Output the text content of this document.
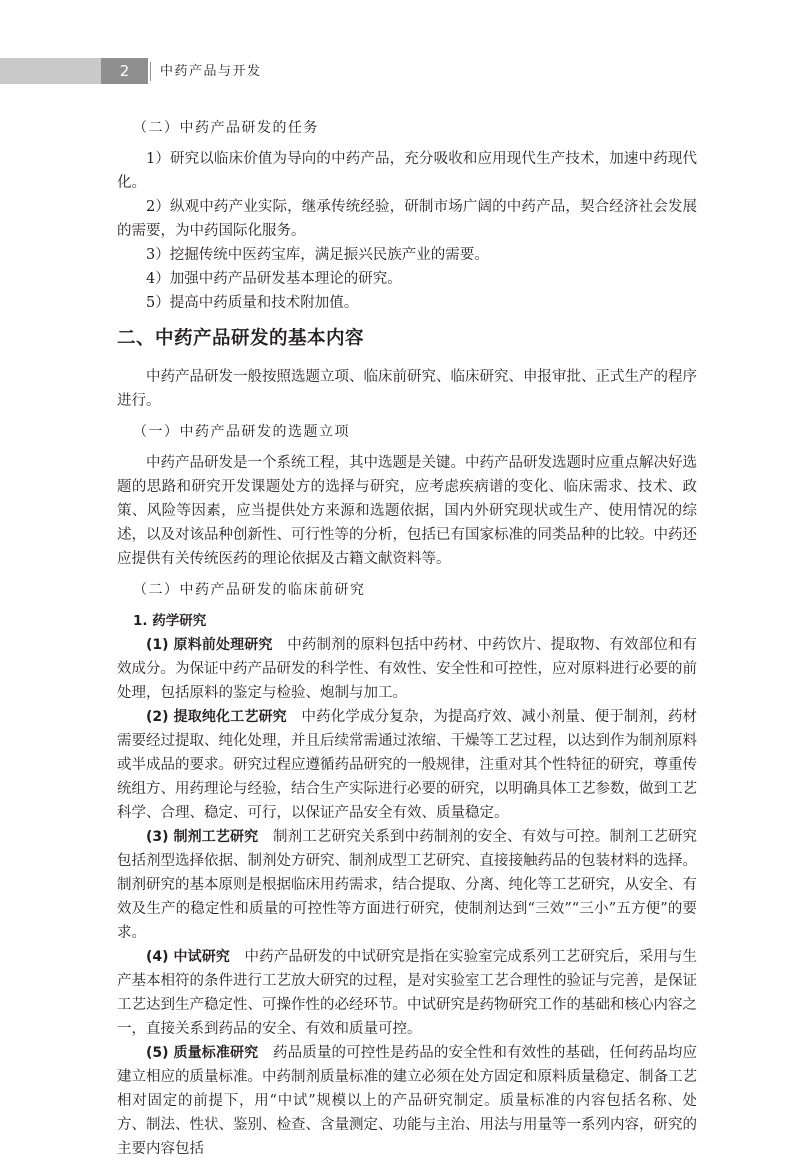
2	中药产品与开发

（二）中药产品研发的任务

1）研究以临床价值为导向的中药产品，充分吸收和应用现代生产技术，加速中药现代化。

2）纵观中药产业实际，继承传统经验，研制市场广阔的中药产品，契合经济社会发展的需要，为中药国际化服务。

3）挖掘传统中医药宝库，满足振兴民族产业的需要。

4）加强中药产品研发基本理论的研究。

5）提高中药质量和技术附加值。

二、中药产品研发的基本内容

中药产品研发一般按照选题立项、临床前研究、临床研究、申报审批、正式生产的程序进行。

（一）中药产品研发的选题立项

中药产品研发是一个系统工程，其中选题是关键。中药产品研发选题时应重点解决好选题的思路和研究开发课题处方的选择与研究，应考虑疾病谱的变化、临床需求、技术、政策、风险等因素，应当提供处方来源和选题依据，国内外研究现状或生产、使用情况的综述，以及对该品种创新性、可行性等的分析，包括已有国家标准的同类品种的比较。中药还应提供有关传统医药的理论依据及古籍文献资料等。

（二）中药产品研发的临床前研究

1. 药学研究

(1) 原料前处理研究　 中药制剂的原料包括中药材、中药饮片、提取物、有效部位和有效成分。为保证中药产品研发的科学性、有效性、安全性和可控性，应对原料进行必要的前处理，包括原料的鉴定与检验、炮制与加工。

(2) 提取纯化工艺研究　 中药化学成分复杂，为提高疗效、减小剂量、便于制剂，药材需要经过提取、纯化处理，并且后续常需通过浓缩、干燥等工艺过程，以达到作为制剂原料或半成品的要求。研究过程应遵循药品研究的一般规律，注重对其个性特征的研究，尊重传统组方、用药理论与经验，结合生产实际进行必要的研究，以明确具体工艺参数，做到工艺科学、合理、稳定、可行，以保证产品安全有效、质量稳定。

(3) 制剂工艺研究　 制剂工艺研究关系到中药制剂的安全、有效与可控。制剂工艺研究包括剂型选择依据、制剂处方研究、制剂成型工艺研究、直接接触药品的包装材料的选择。制剂研究的基本原则是根据临床用药需求，结合提取、分离、纯化等工艺研究，从安全、有效及生产的稳定性和质量的可控性等方面进行研究，使制剂达到“三效”“三小”五方便”的要求。

(4) 中试研究　 中药产品研发的中试研究是指在实验室完成系列工艺研究后，采用与生产基本相符的条件进行工艺放大研究的过程，是对实验室工艺合理性的验证与完善，是保证工艺达到生产稳定性、可操作性的必经环节。中试研究是药物研究工作的基础和核心内容之一，直接关系到药品的安全、有效和质量可控。

(5) 质量标准研究　 药品质量的可控性是药品的安全性和有效性的基础，任何药品均应建立相应的质量标准。中药制剂质量标准的建立必须在处方固定和原料质量稳定、制备工艺相对固定的前提下，用“中试”规模以上的产品研究制定。质量标准的内容包括名称、处方、制法、性状、鉴别、检查、含量测定、功能与主治、用法与用量等一系列内容，研究的主要内容包括
